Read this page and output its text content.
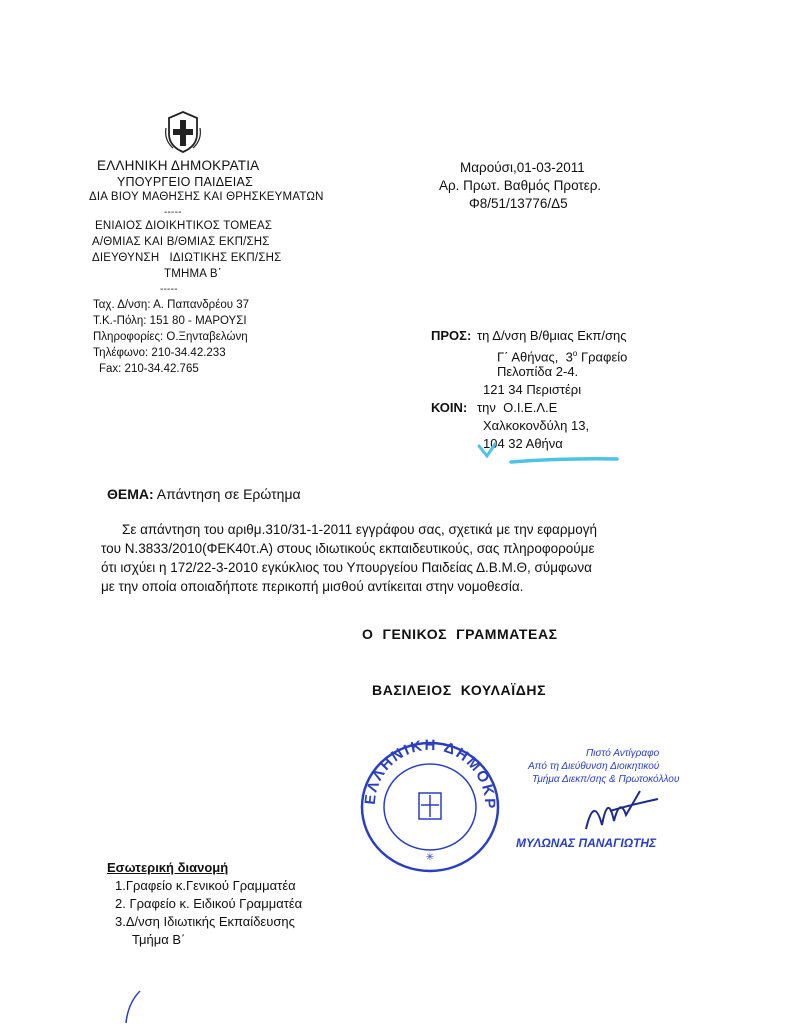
ΕΛΛΗΝΙΚΗ ΔΗΜΟΚΡΑΤΙΑ
ΥΠΟΥΡΓΕΙΟ ΠΑΙΔΕΙΑΣ
ΔΙΑ ΒΙΟΥ ΜΑΘΗΣΗΣ ΚΑΙ ΘΡΗΣΚΕΥΜΑΤΩΝ
-----
ΕΝΙΑΙΟΣ ΔΙΟΙΚΗΤΙΚΟΣ ΤΟΜΕΑΣ
Α/ΘΜΙΑΣ ΚΑΙ Β/ΘΜΙΑΣ ΕΚΠ/ΣΗΣ
ΔΙΕΥΘΥΝΣΗ   ΙΔΙΩΤΙΚΗΣ ΕΚΠ/ΣΗΣ
ΤΜΗΜΑ Β΄
-----
Ταχ. Δ/νση: Α. Παπανδρέου 37
Τ.Κ.-Πόλη: 151 80 - ΜΑΡΟΥΣΙ
Πληροφορίες: Ο.Ξηνταβελώνη
Τηλέφωνο: 210-34.42.233
Fax: 210-34.42.765
Μαρούσι,01-03-2011
Αρ. Πρωτ. Βαθμός Προτερ.
Φ8/51/13776/Δ5
ΠΡΟΣ: τη Δ/νση Β/θμιας Εκπ/σης
Γ΄ Αθήνας,  $3^o$ Γραφείο
Πελοπίδα 2-4.
121 34 Περιστέρι
ΚΟΙΝ: την  Ο.Ι.Ε.Λ.Ε
Χαλκοκονδύλη 13,
104 32 Αθήνα
ΘΕΜΑ: Απάντηση σε Ερώτημα
Σε απάντηση του αριθμ.310/31-1-2011 εγγράφου σας, σχετικά με την εφαρμογή
του Ν.3833/2010(ΦΕΚ40τ.Α) στους ιδιωτικούς εκπαιδευτικούς, σας πληροφορούμε
ότι ισχύει η 172/22-3-2010 εγκύκλιος του Υπουργείου Παιδείας Δ.Β.Μ.Θ, σύμφωνα
με την οποία οποιαδήποτε περικοπή μισθού αντίκειται στην νομοθεσία.
Ο  ΓΕΝΙΚΟΣ  ΓΡΑΜΜΑΤΕΑΣ
ΒΑΣΙΛΕΙΟΣ  ΚΟΥΛΑΪΔΗΣ
ΕΛΛΗΝΙΚΗ ΔΗΜΟΚΡ
✳
Πιστό Αντίγραφο
Από τη Διεύθυνση Διοικητικού
Τμήμα Διεκπ/σης & Πρωτοκόλλου
ΜΥΛΩΝΑΣ ΠΑΝΑΓΙΩΤΗΣ
Εσωτερική διανομή
1.Γραφείο κ.Γενικού Γραμματέα
2. Γραφείο κ. Ειδικού Γραμματέα
3.Δ/νση Ιδιωτικής Εκπαίδευσης
Τμήμα Β΄
